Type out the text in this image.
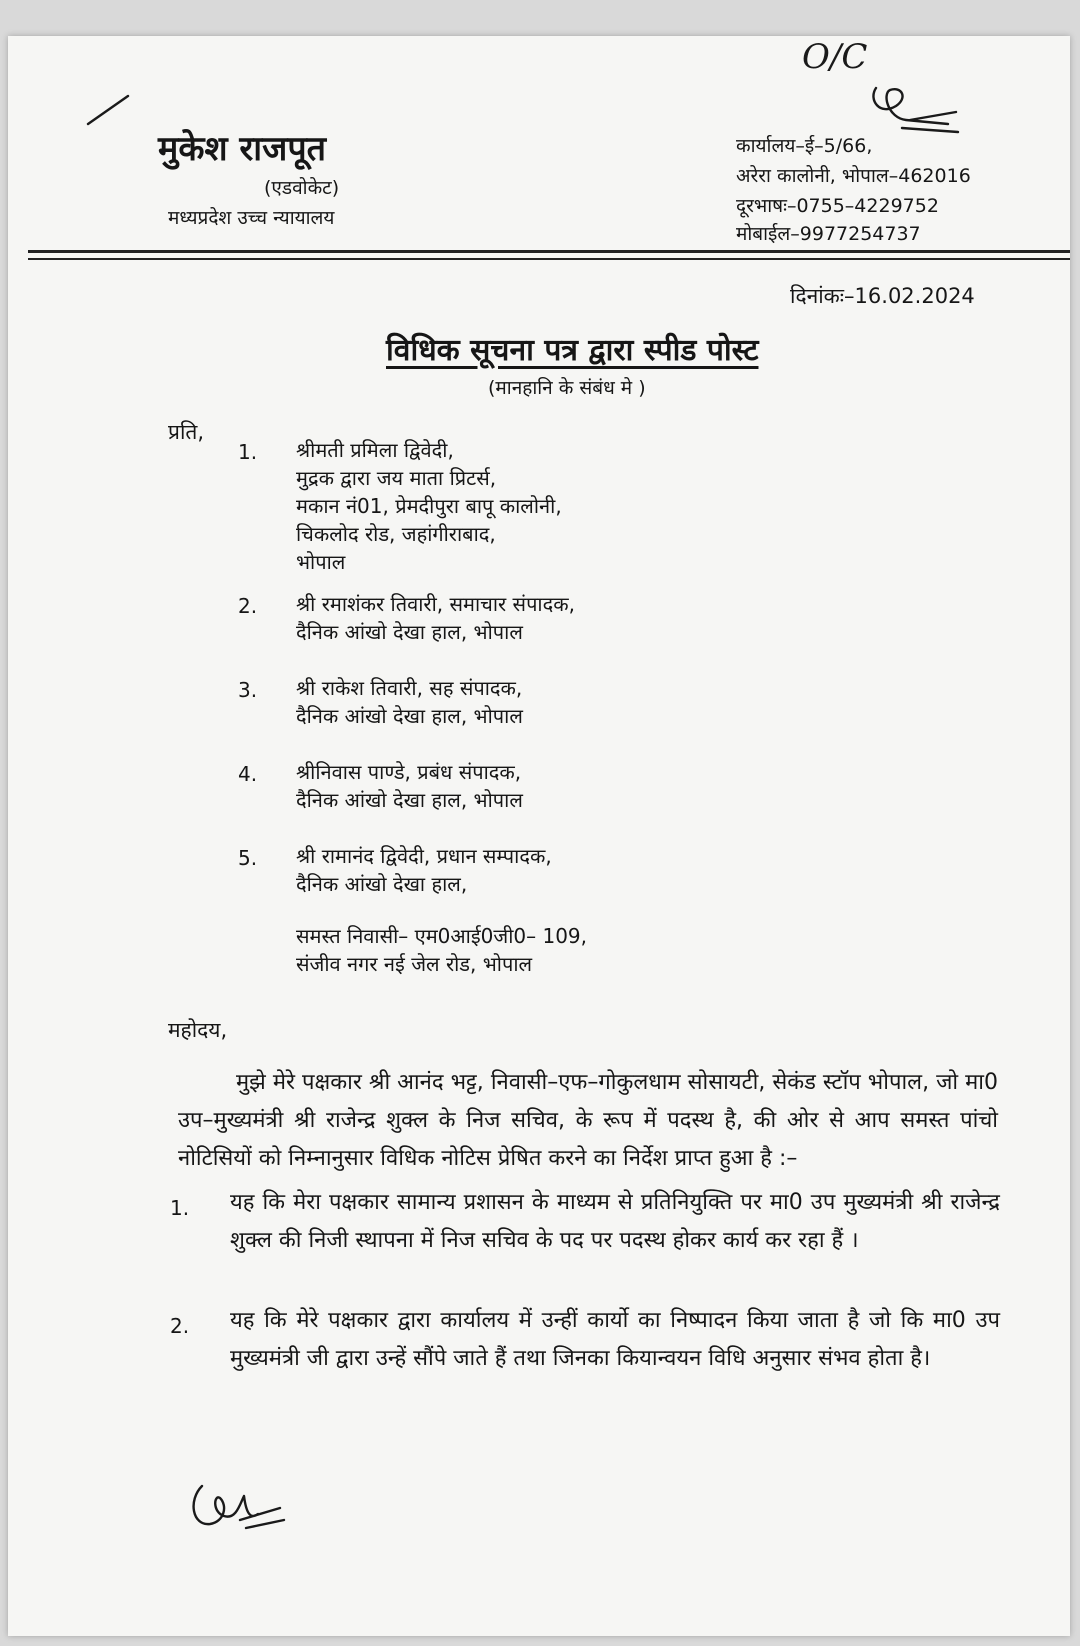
O/C
मुकेश राजपूत
(एडवोकेट)
मध्यप्रदेश उच्च न्यायालय
कार्यालय–ई–5/66,
अरेरा कालोनी, भोपाल–462016
दूरभाषः–0755–4229752
मोबाईल–9977254737
दिनांकः–16.02.2024
विधिक सूचना पत्र द्वारा स्पीड पोस्ट
(मानहानि के संबंध मे )
प्रति,
1. श्रीमती प्रमिला द्विवेदी,
मुद्रक द्वारा जय माता प्रिटर्स,
मकान नं01, प्रेमदीपुरा बापू कालोनी,
चिकलोद रोड, जहांगीराबाद,
भोपाल
2. श्री रमाशंकर तिवारी, समाचार संपादक,
दैनिक आंखो देखा हाल, भोपाल
3. श्री राकेश तिवारी, सह संपादक,
दैनिक आंखो देखा हाल, भोपाल
4. श्रीनिवास पाण्डे, प्रबंध संपादक,
दैनिक आंखो देखा हाल, भोपाल
5. श्री रामानंद द्विवेदी, प्रधान सम्पादक,
दैनिक आंखो देखा हाल,
समस्त निवासी– एम0आई0जी0– 109,
संजीव नगर नई जेल रोड, भोपाल
महोदय,
मुझे मेरे पक्षकार श्री आनंद भट्ट, निवासी–एफ–गोकुलधाम सोसायटी, सेकंड स्टॉप भोपाल, जो मा0 उप–मुख्यमंत्री श्री राजेन्द्र शुक्ल के निज सचिव, के रूप में पदस्थ है, की ओर से आप समस्त पांचो नोटिसियों को निम्नानुसार विधिक नोटिस प्रेषित करने का निर्देश प्राप्त हुआ है :–
1. यह कि मेरा पक्षकार सामान्य प्रशासन के माध्यम से प्रतिनियुक्ति पर मा0 उप मुख्यमंत्री श्री राजेन्द्र शुक्ल की निजी स्थापना में निज सचिव के पद पर पदस्थ होकर कार्य कर रहा हैं ।
2. यह कि मेरे पक्षकार द्वारा कार्यालय में उन्हीं कार्यो का निष्पादन किया जाता है जो कि मा0 उप मुख्यमंत्री जी द्वारा उन्हें सौंपे जाते हैं तथा जिनका कियान्वयन विधि अनुसार संभव होता है।
